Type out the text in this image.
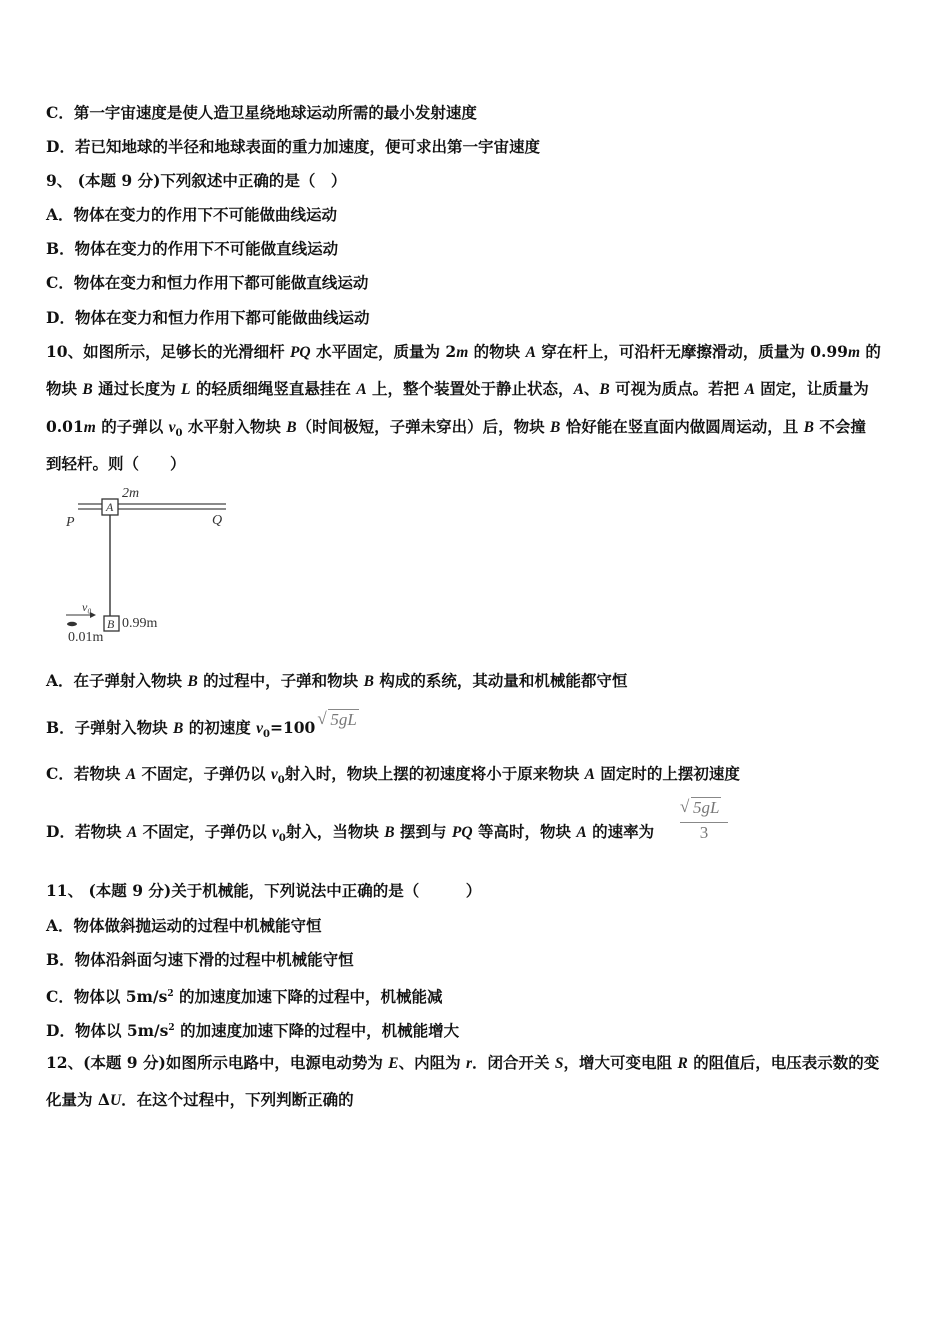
C．第一宇宙速度是使人造卫星绕地球运动所需的最小发射速度
D．若已知地球的半径和地球表面的重力加速度，便可求出第一宇宙速度
9、 (本题 9 分)下列叙述中正确的是（　）
A．物体在变力的作用下不可能做曲线运动
B．物体在变力的作用下不可能做直线运动
C．物体在变力和恒力作用下都可能做直线运动
D．物体在变力和恒力作用下都可能做曲线运动
10、如图所示，足够长的光滑细杆 PQ 水平固定，质量为 2m 的物块 A 穿在杆上，可沿杆无摩擦滑动，质量为 0.99m 的
物块 B 通过长度为 L 的轻质细绳竖直悬挂在 A 上，整个装置处于静止状态，A、B 可视为质点。若把 A 固定，让质量为
0.01m 的子弹以 $v_0$ 水平射入物块 B（时间极短，子弹未穿出）后，物块 B 恰好能在竖直面内做圆周运动，且 B 不会撞
到轻杆。则（　　）
2m
A
P	Q
v₀
B 0.99m
0.01m
A．在子弹射入物块 B 的过程中，子弹和物块 B 构成的系统，其动量和机械能都守恒
B．子弹射入物块 B 的初速度 $v_0=100$ √ 5gL
C．若物块 A 不固定，子弹仍以 $v_0$射入时，物块上摆的初速度将小于原来物块 A 固定时的上摆初速度
D．若物块 A 不固定，子弹仍以 $v_0$射入，当物块 B 摆到与 PQ 等高时，物块 A 的速率为
√ 5gL
3
11、 (本题 9 分)关于机械能，下列说法中正确的是（　　　）
A．物体做斜抛运动的过程中机械能守恒
B．物体沿斜面匀速下滑的过程中机械能守恒
C．物体以 $5m/s^2$ 的加速度加速下降的过程中，机械能减
D．物体以 $5m/s^2$ 的加速度加速下降的过程中，机械能增大
12、(本题 9 分)如图所示电路中，电源电动势为 E、内阻为 r．闭合开关 S，增大可变电阻 R 的阻值后，电压表示数的变
化量为 ΔU．在这个过程中，下列判断正确的
